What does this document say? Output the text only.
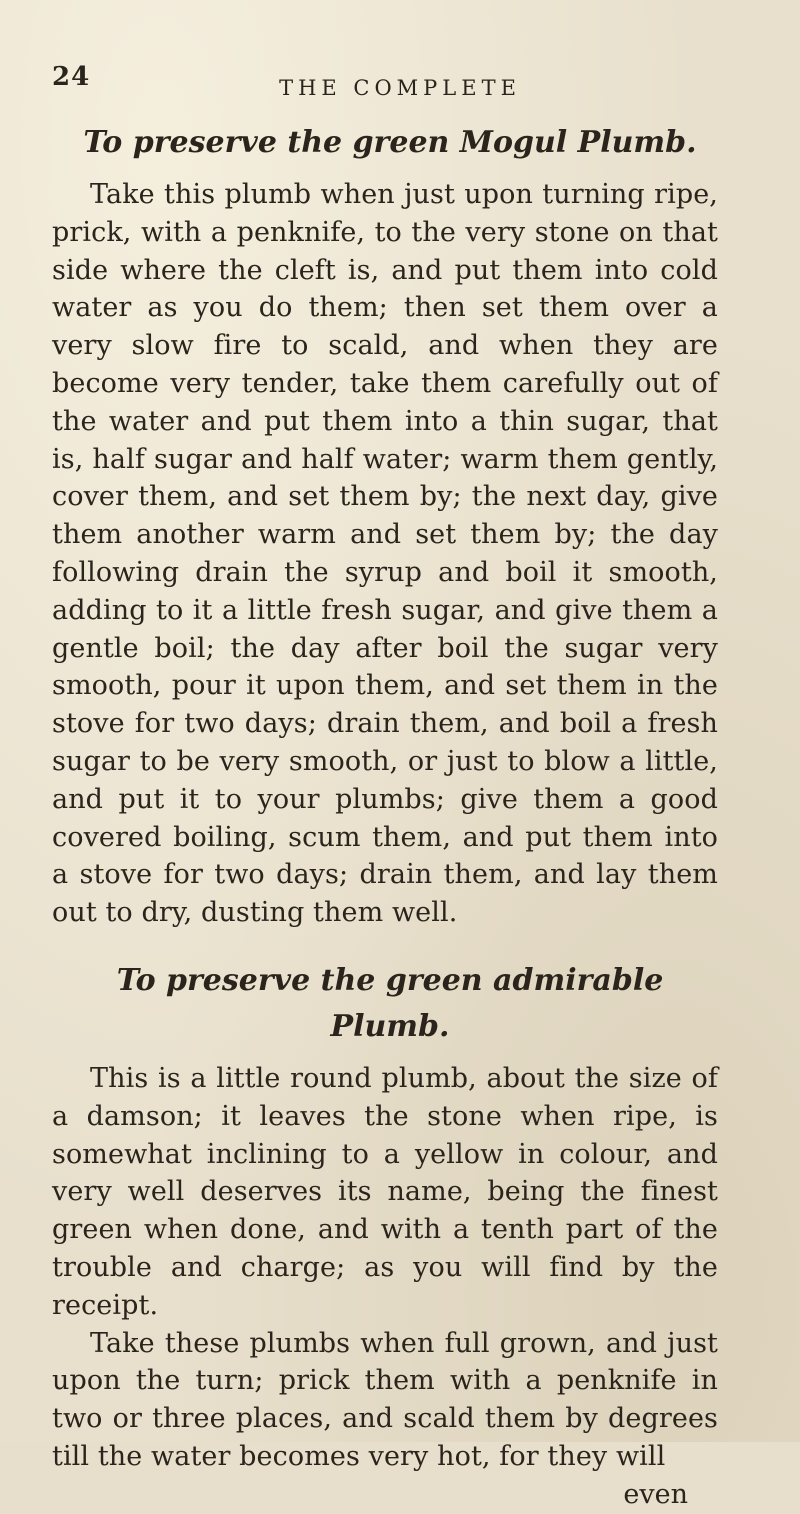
24	THE COMPLETE
To preserve the green Mogul Plumb.

Take this plumb when just upon turning ripe, prick, with a penknife, to the very stone on that side where the cleft is, and put them into cold water as you do them; then set them over a very slow fire to scald, and when they are become very tender, take them carefully out of the water and put them into a thin sugar, that is, half sugar and half water; warm them gently, cover them, and set them by; the next day, give them another warm and set them by; the day following drain the syrup and boil it smooth, adding to it a little fresh sugar, and give them a gentle boil; the day after boil the sugar very smooth, pour it upon them, and set them in the stove for two days; drain them, and boil a fresh sugar to be very smooth, or just to blow a little, and put it to your plumbs; give them a good covered boiling, scum them, and put them into a stove for two days; drain them, and lay them out to dry, dusting them well.

To preserve the green admirable Plumb.

This is a little round plumb, about the size of a damson; it leaves the stone when ripe, is somewhat inclining to a yellow in colour, and very well deserves its name, being the finest green when done, and with a tenth part of the trouble and charge; as you will find by the receipt.

Take these plumbs when full grown, and just upon the turn; prick them with a penknife in two or three places, and scald them by degrees till the water becomes very hot, for they will

even
